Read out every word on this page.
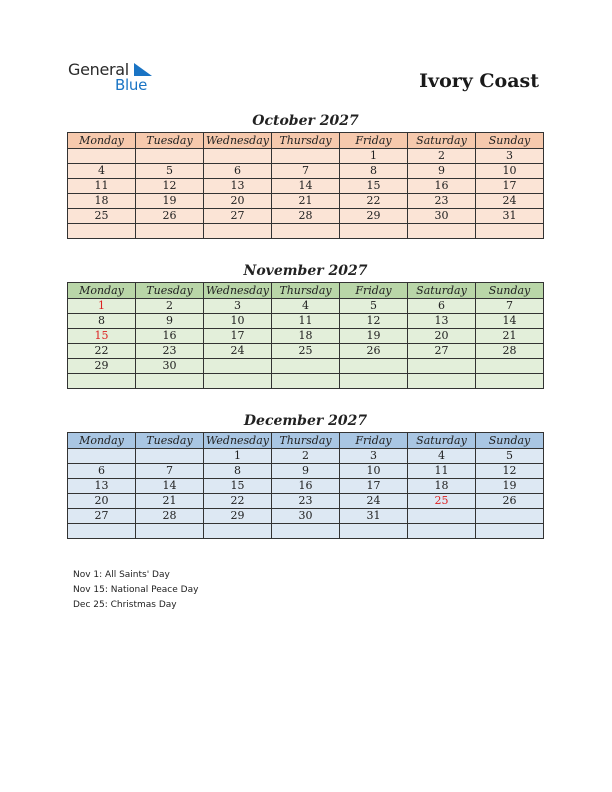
General
Blue	Ivory Coast
October 2027
Monday	Tuesday	Wednesday	Thursday	Friday	Saturday	Sunday
				1	2	3
4	5	6	7	8	9	10
11	12	13	14	15	16	17
18	19	20	21	22	23	24
25	26	27	28	29	30	31

November 2027
Monday	Tuesday	Wednesday	Thursday	Friday	Saturday	Sunday
1	2	3	4	5	6	7
8	9	10	11	12	13	14
15	16	17	18	19	20	21
22	23	24	25	26	27	28
29	30					

December 2027
Monday	Tuesday	Wednesday	Thursday	Friday	Saturday	Sunday
		1	2	3	4	5
6	7	8	9	10	11	12
13	14	15	16	17	18	19
20	21	22	23	24	25	26
27	28	29	30	31		

Nov 1: All Saints' Day
Nov 15: National Peace Day
Dec 25: Christmas Day
